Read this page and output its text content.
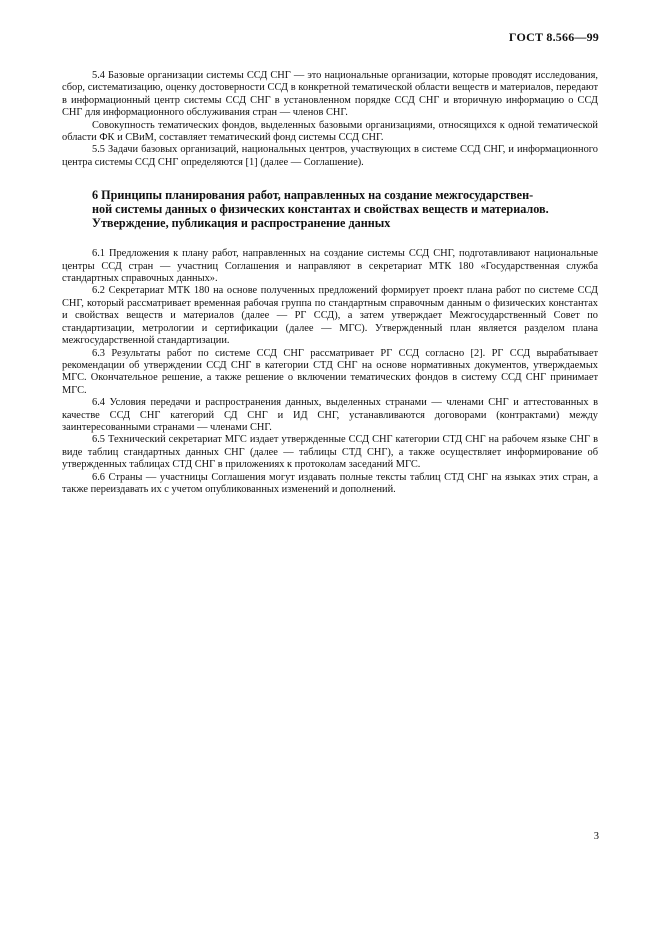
ГОСТ 8.566—99

5.4 Базовые организации системы ССД СНГ — это национальные организации, которые проводят исследования, сбор, систематизацию, оценку достоверности ССД в конкретной тематической области веществ и материалов, передают в информационный центр системы ССД СНГ в установленном порядке ССД СНГ и вторичную информацию о ССД СНГ для информационного обслуживания стран — членов СНГ.

Совокупность тематических фондов, выделенных базовыми организациями, относящихся к одной тематической области ФК и СВиМ, составляет тематический фонд системы ССД СНГ.

5.5 Задачи базовых организаций, национальных центров, участвующих в системе ССД СНГ, и информационного центра системы ССД СНГ определяются [1] (далее — Соглашение).

6 Принципы планирования работ, направленных на создание межгосударствен-
ной системы данных о физических константах и свойствах веществ и материалов.
Утверждение, публикация и распространение данных

6.1 Предложения к плану работ, направленных на создание системы ССД СНГ, подготавливают национальные центры ССД стран — участниц Соглашения и направляют в секретариат МТК 180 «Государственная служба стандартных справочных данных».

6.2 Секретариат МТК 180 на основе полученных предложений формирует проект плана работ по системе ССД СНГ, который рассматривает временная рабочая группа по стандартным справочным данным о физических константах и свойствах веществ и материалов (далее — РГ ССД), а затем утверждает Межгосударственный Совет по стандартизации, метрологии и сертификации (далее — МГС). Утвержденный план является разделом плана межгосударственной стандартизации.

6.3 Результаты работ по системе ССД СНГ рассматривает РГ ССД согласно [2]. РГ ССД вырабатывает рекомендации об утверждении ССД СНГ в категории СТД СНГ на основе нормативных документов, утверждаемых МГС. Окончательное решение, а также решение о включении тематических фондов в систему ССД СНГ принимает МГС.

6.4 Условия передачи и распространения данных, выделенных странами — членами СНГ и аттестованных в качестве ССД СНГ категорий СД СНГ и ИД СНГ, устанавливаются договорами (контрактами) между заинтересованными странами — членами СНГ.

6.5 Технический секретариат МГС издает утвержденные ССД СНГ категории СТД СНГ на рабочем языке СНГ в виде таблиц стандартных данных СНГ (далее — таблицы СТД СНГ), а также осуществляет информирование об утвержденных таблицах СТД СНГ в приложениях к протоколам заседаний МГС.

6.6 Страны — участницы Соглашения могут издавать полные тексты таблиц СТД СНГ на языках этих стран, а также переиздавать их с учетом опубликованных изменений и дополнений.

3
